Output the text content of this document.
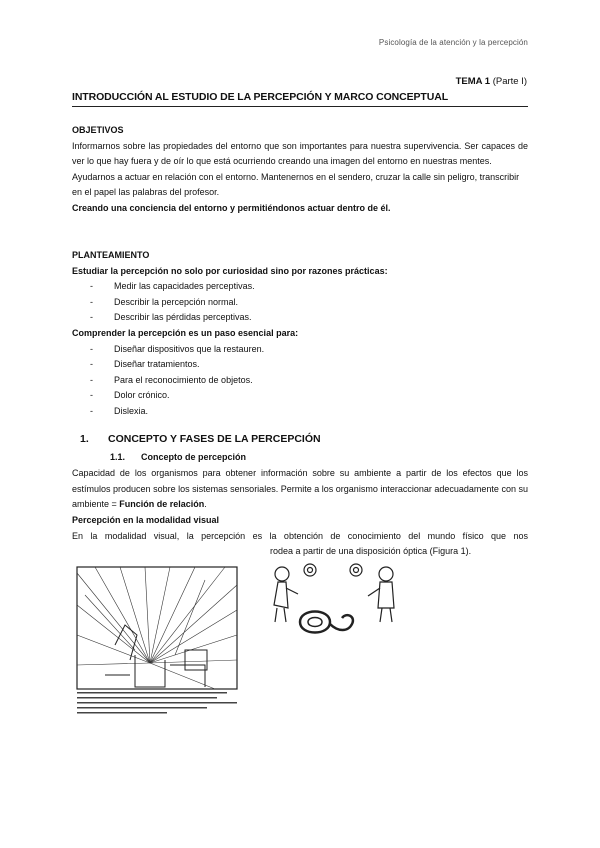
Psicología de la atención y la percepción
TEMA 1 (Parte I)
INTRODUCCIÓN AL ESTUDIO DE LA PERCEPCIÓN Y MARCO CONCEPTUAL

OBJETIVOS

Informarnos sobre las propiedades del entorno que son importantes para nuestra supervivencia. Ser capaces de ver lo que hay fuera y de oír lo que está ocurriendo creando una imagen del entorno en nuestras mentes.

Ayudarnos a actuar en relación con el entorno. Mantenernos en el sendero, cruzar la calle sin peligro, transcribir en el papel las palabras del profesor.

Creando una conciencia del entorno y permitiéndonos actuar dentro de él.

PLANTEAMIENTO

Estudiar la percepción no solo por curiosidad sino por razones prácticas:

- Medir las capacidades perceptivas.
- Describir la percepción normal.
- Describir las pérdidas perceptivas.

Comprender la percepción es un paso esencial para:

- Diseñar dispositivos que la restauren.
- Diseñar tratamientos.
- Para el reconocimiento de objetos.
- Dolor crónico.
- Dislexia.
1. CONCEPTO Y FASES DE LA PERCEPCIÓN
1.1. Concepto de percepción
Capacidad de los organismos para obtener información sobre su ambiente a partir de los efectos que los estímulos producen sobre los sistemas sensoriales. Permite a los organismo interaccionar adecuadamente con su ambiente = Función de relación.

Percepción en la modalidad visual

En la modalidad visual, la percepción es la obtención de conocimiento del mundo físico que nos

rodea a partir de una disposición óptica (Figura 1).
